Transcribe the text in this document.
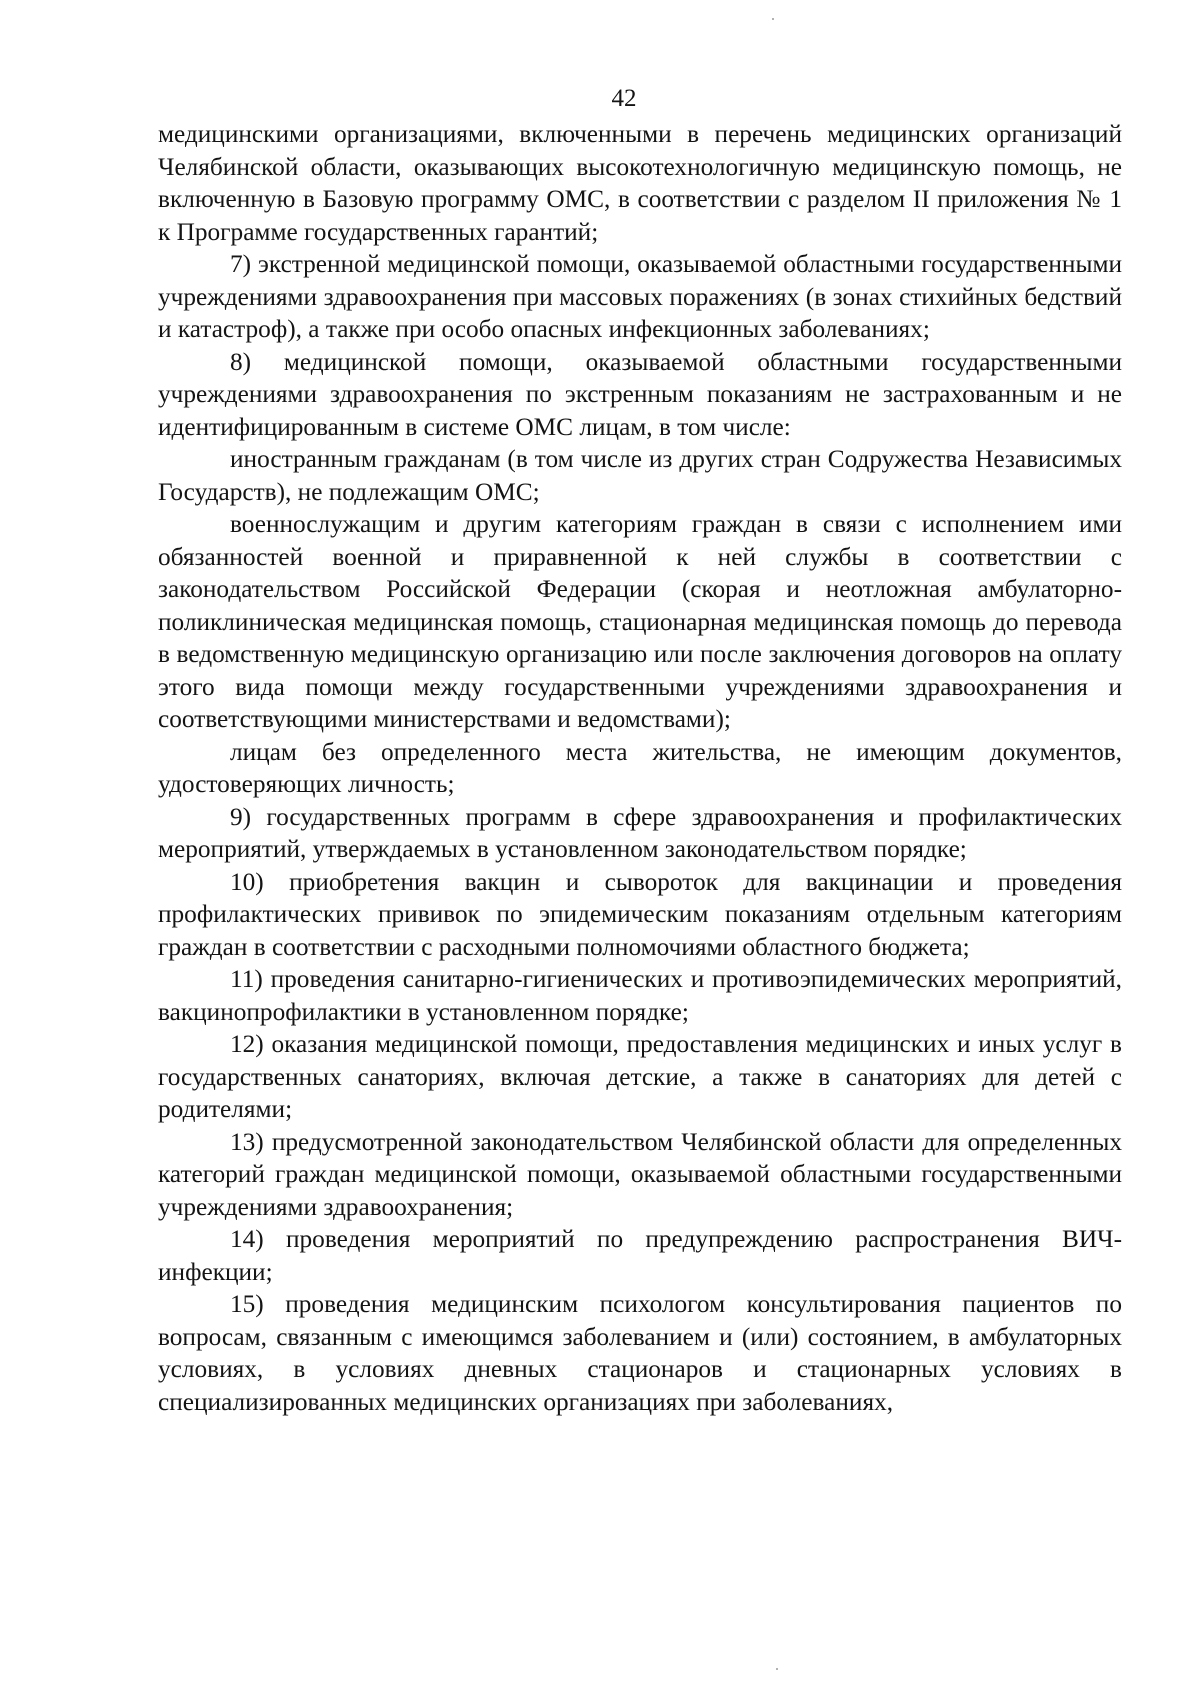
42

медицинскими организациями, включенными в перечень медицинских организаций Челябинской области, оказывающих высокотехнологичную медицинскую помощь, не включенную в Базовую программу ОМС, в соответствии с разделом II приложения № 1 к Программе государственных гарантий;

7) экстренной медицинской помощи, оказываемой областными государственными учреждениями здравоохранения при массовых поражениях (в зонах стихийных бедствий и катастроф), а также при особо опасных инфекционных заболеваниях;

8) медицинской помощи, оказываемой областными государственными учреждениями здравоохранения по экстренным показаниям не застрахованным и не идентифицированным в системе ОМС лицам, в том числе:

иностранным гражданам (в том числе из других стран Содружества Независимых Государств), не подлежащим ОМС;

военнослужащим и другим категориям граждан в связи с исполнением ими обязанностей военной и приравненной к ней службы в соответствии с законодательством Российской Федерации (скорая и неотложная амбулаторно-поликлиническая медицинская помощь, стационарная медицинская помощь до перевода в ведомственную медицинскую организацию или после заключения договоров на оплату этого вида помощи между государственными учреждениями здравоохранения и соответствующими министерствами и ведомствами);

лицам без определенного места жительства, не имеющим документов, удостоверяющих личность;

9) государственных программ в сфере здравоохранения и профилактических мероприятий, утверждаемых в установленном законодательством порядке;

10) приобретения вакцин и сывороток для вакцинации и проведения профилактических прививок по эпидемическим показаниям отдельным категориям граждан в соответствии с расходными полномочиями областного бюджета;

11) проведения санитарно-гигиенических и противоэпидемических мероприятий, вакцинопрофилактики в установленном порядке;

12) оказания медицинской помощи, предоставления медицинских и иных услуг в государственных санаториях, включая детские, а также в санаториях для детей с родителями;

13) предусмотренной законодательством Челябинской области для определенных категорий граждан медицинской помощи, оказываемой областными государственными учреждениями здравоохранения;

14) проведения мероприятий по предупреждению распространения ВИЧ-инфекции;

15) проведения медицинским психологом консультирования пациентов по вопросам, связанным с имеющимся заболеванием и (или) состоянием, в амбулаторных условиях, в условиях дневных стационаров и стационарных условиях в специализированных медицинских организациях при заболеваниях,
